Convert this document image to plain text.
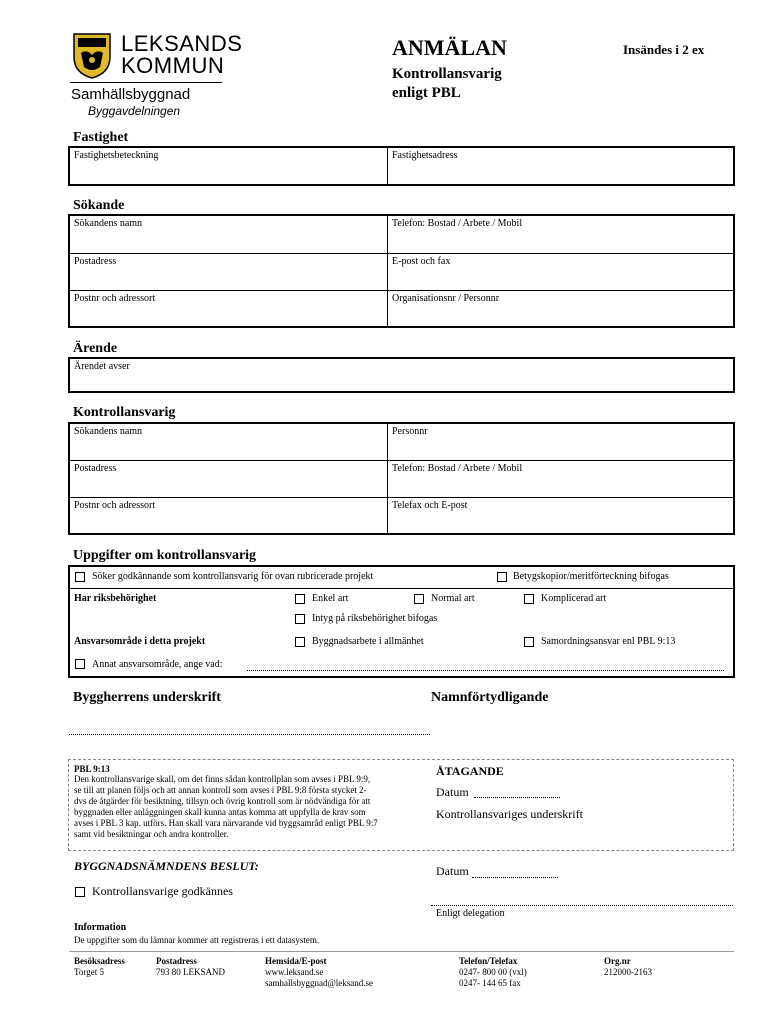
LEKSANDS
KOMMUN
Samhällsbyggnad
Byggavdelningen
ANMÄLAN	Insändes i 2 ex
Kontrollansvarig
enligt PBL
Fastighet
Fastighetsbeteckning	Fastighetsadress
Sökande
Sökandens namn	Telefon: Bostad / Arbete / Mobil
Postadress	E-post och fax
Postnr och adressort	Organisationsnr / Personnr
Ärende
Ärendet avser
Kontrollansvarig
Sökandens namn	Personnr
Postadress	Telefon: Bostad / Arbete / Mobil
Postnr och adressort	Telefax och E-post
Uppgifter om kontrollansvarig
Söker godkännande som kontrollansvarig för ovan rubricerade projekt	Betygskopior/meritförteckning bifogas
Har riksbehörighet	Enkel art	Normal art	Komplicerad art
Intyg på riksbehörighet bifogas
Ansvarsområde i detta projekt	Byggnadsarbete i allmänhet	Samordningsansvar enl PBL 9:13
Annat ansvarsområde, ange vad:
Byggherrens underskrift	Namnförtydligande
PBL 9:13
Den kontrollansvarige skall, om det finns sådan kontrollplan som avses i PBL 9:9,
se till att planen följs och att annan kontroll som avses i PBL 9:8 första stycket 2-
dvs de åtgärder för besiktning, tillsyn och övrig kontroll som är nödvändiga för att
byggnaden eller anläggningen skall kunna antas komma att uppfylla de krav som
avses i PBL 3 kap. utförs. Han skall vara närvarande vid byggsamråd enligt PBL 9:7
samt vid besiktningar och andra kontroller.
ÅTAGANDE
Datum
Kontrollansvariges underskrift
BYGGNADSNÄMNDENS BESLUT:	Datum
Kontrollansvarige godkännes
Enligt delegation
Information
De uppgifter som du lämnar kommer att registreras i ett datasystem.
Besöksadress
Torget 5
Postadress
793 80 LEKSAND
Hemsida/E-post
www.leksand.se
samhallsbyggnad@leksand.se
Telefon/Telefax
0247- 800 00 (vxl)
0247- 144 65 fax
Org.nr
212000-2163
